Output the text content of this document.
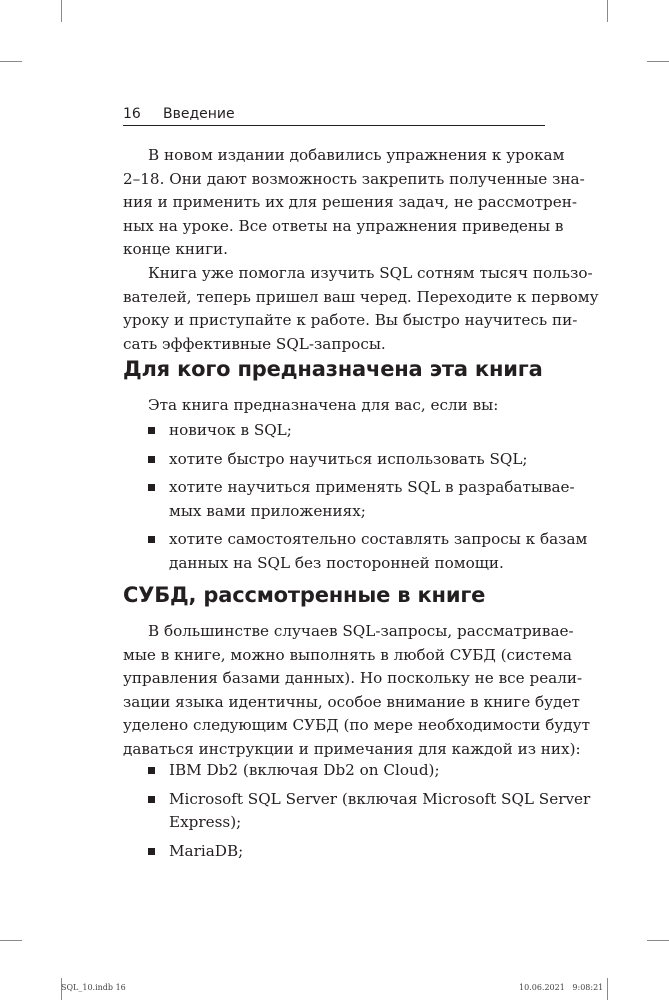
16 Введение

В новом издании добавились упражнения к урокам
2–18. Они дают возможность закрепить полученные зна-
ния и применить их для решения задач, не рассмотрен-
ных на уроке. Все ответы на упражнения приведены в
конце книги.

Книга уже помогла изучить SQL сотням тысяч пользо-
вателей, теперь пришел ваш черед. Переходите к первому
уроку и приступайте к работе. Вы быстро научитесь пи-
сать эффективные SQL-запросы.

Для кого предназначена эта книга

Эта книга предназначена для вас, если вы:

новичок в SQL;
хотите быстро научиться использовать SQL;
хотите научиться применять SQL в разрабатывае-
мых вами приложениях;
хотите самостоятельно составлять запросы к базам
данных на SQL без посторонней помощи.
СУБД, рассмотренные в книге

В большинстве случаев SQL-запросы, рассматривае-
мые в книге, можно выполнять в любой СУБД (система
управления базами данных). Но поскольку не все реали-
зации языка идентичны, особое внимание в книге будет
уделено следующим СУБД (по мере необходимости будут
даваться инструкции и примечания для каждой из них):

IBM Db2 (включая Db2 on Cloud);
Microsoft SQL Server (включая Microsoft SQL Server
Express);
MariaDB;
SQL_10.indb 16	10.06.2021   9:08:21
